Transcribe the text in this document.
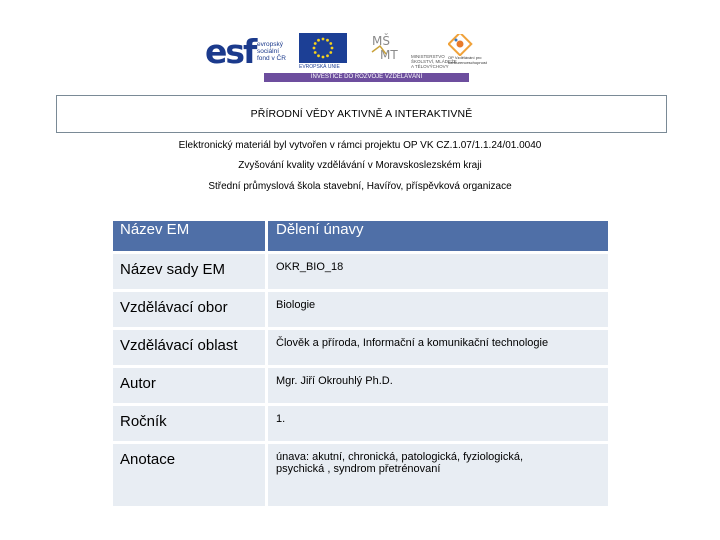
esf evropský
sociální
fond v ČR
EVROPSKÁ UNIE
MŠ
MT	MINISTERSTVO ŠKOLSTVÍ, MLÁDEŽE A TĚLOVÝCHOVY
OP Vzdělávání pro konkurenceschopnost
INVESTICE DO ROZVOJE VZDĚLÁVÁNÍ
PŘÍRODNÍ VĚDY AKTIVNĚ A INTERAKTIVNĚ
Elektronický materiál byl vytvořen v rámci projektu OP VK CZ.1.07/1.1.24/01.0040
Zvyšování kvality vzdělávání v Moravskoslezském kraji
Střední průmyslová škola stavební, Havířov, příspěvková organizace
Název EM	Dělení únavy
Název sady EM	OKR_BIO_18
Vzdělávací obor	Biologie
Vzdělávací oblast	Člověk a příroda, Informační a komunikační technologie
Autor	Mgr. Jiří Okrouhlý Ph.D.
Ročník	1.
Anotace	únava: akutní, chronická, patologická, fyziologická,
psychická , syndrom přetrénovaní
